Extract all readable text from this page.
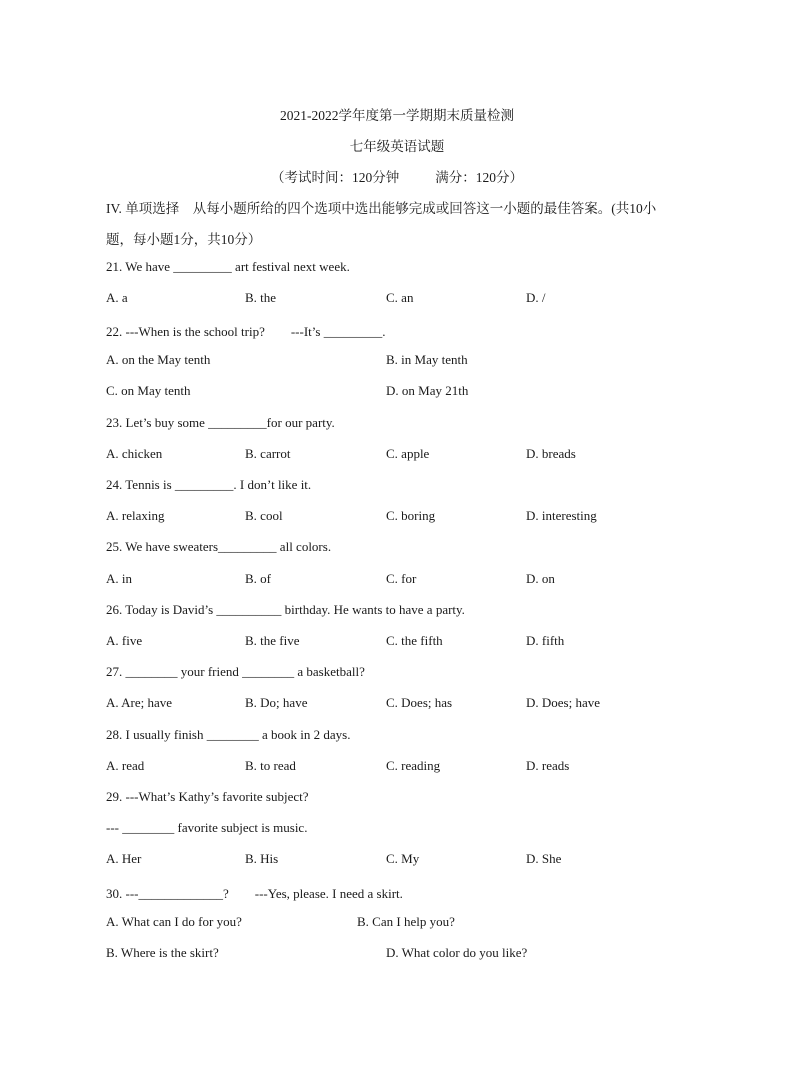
2021-2022学年度第一学期期末质量检测
七年级英语试题
（考试时间：120分钟	满分：120分）
IV. 单项选择　从每小题所给的四个选项中选出能够完成或回答这一小题的最佳答案。(共10小
题，每小题1分，共10分）
21. We have _________ art festival next week.
A. a	B. the	C. an	D. /
22. ---When is the school trip?　　---It’s _________.
A. on the May tenth	B. in May tenth
C. on May tenth	D. on May 21th
23. Let’s buy some _________for our party.
A. chicken	B. carrot	C. apple	D. breads
24. Tennis is _________. I don’t like it.
A. relaxing	B. cool	C. boring	D. interesting
25. We have sweaters_________ all colors.
A. in	B. of	C. for	D. on
26. Today is David’s __________ birthday. He wants to have a party.
A. five	B. the five	C. the fifth	D. fifth
27. ________ your friend ________ a basketball?
A. Are; have	B. Do; have	C. Does; has	D. Does; have
28. I usually finish ________ a book in 2 days.
A. read	B. to read	C. reading	D. reads
29. ---What’s Kathy’s favorite subject?
--- ________ favorite subject is music.
A. Her	B. His	C. My	D. She
30. ---_____________?　　---Yes, please. I need a skirt.
A. What can I do for you?	B. Can I help you?
B. Where is the skirt?	D. What color do you like?
